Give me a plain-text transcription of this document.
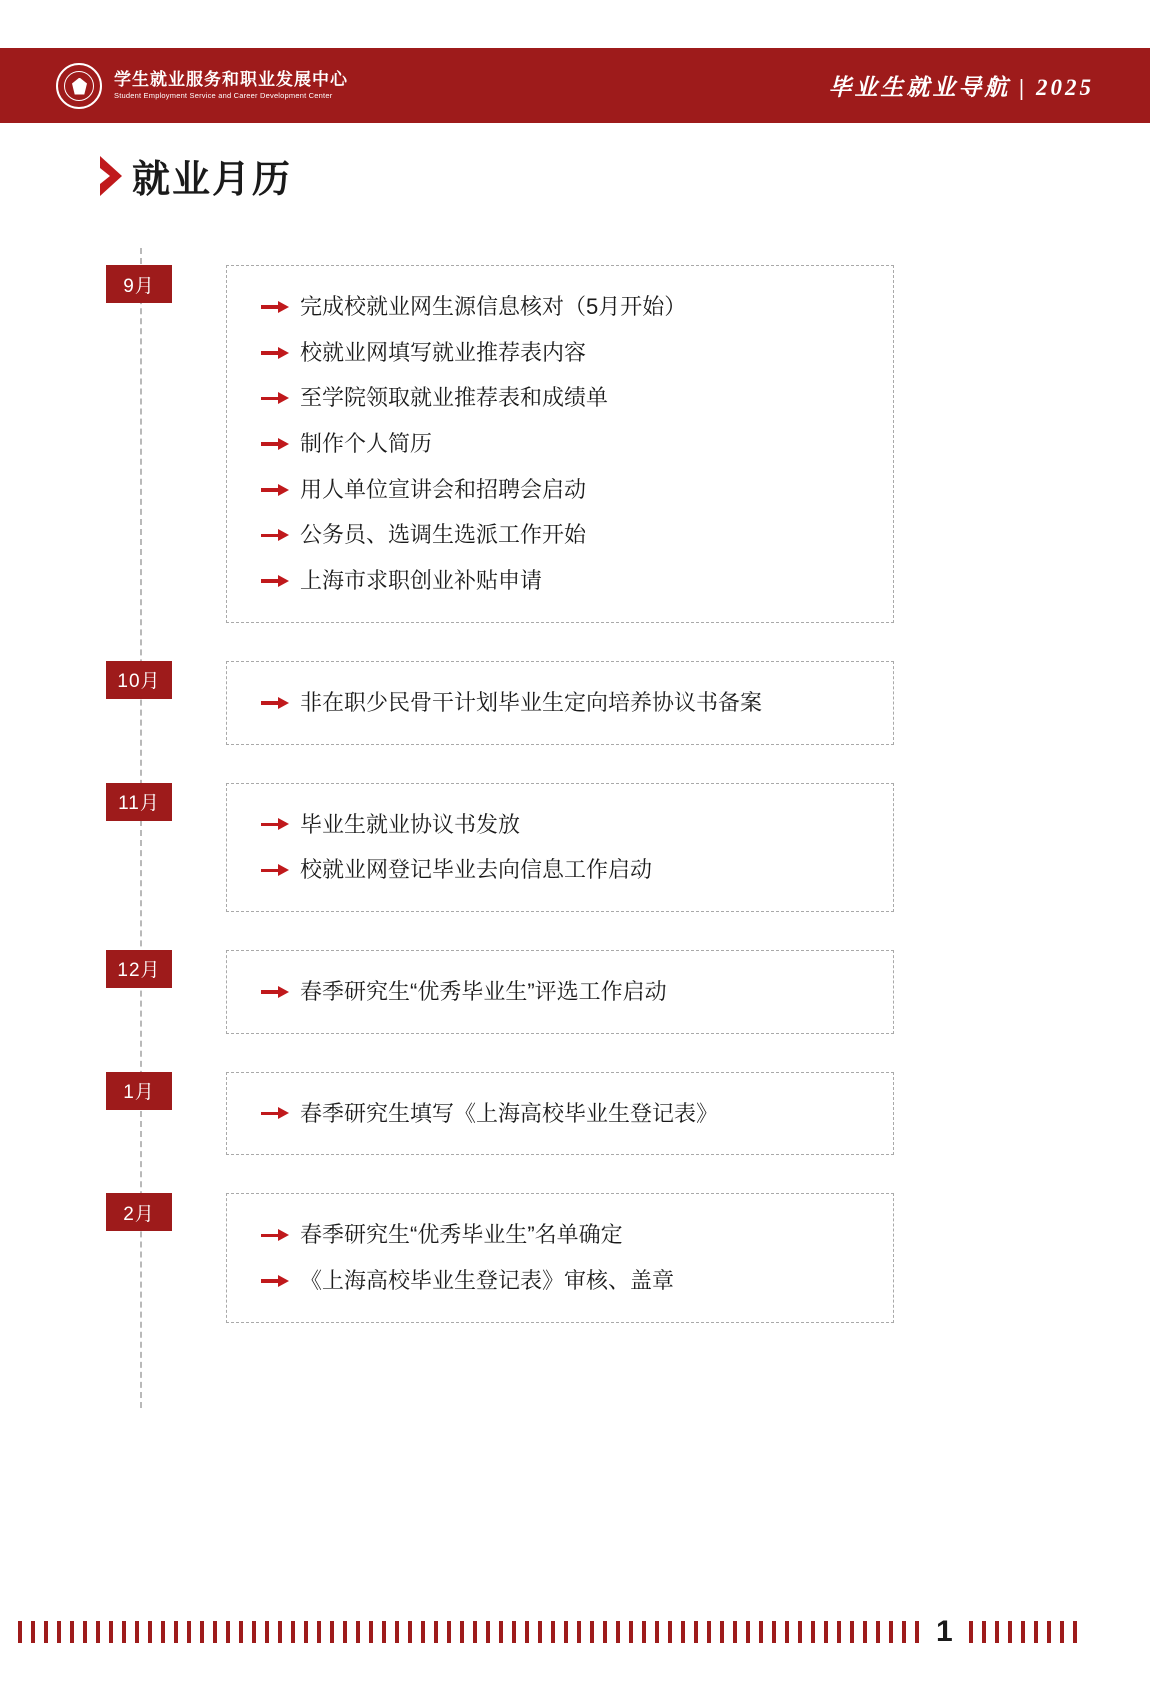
学生就业服务和职业发展中心
Student Employment Service and Career Development Center	毕业生就业导航 | 2025
就业月历
9月
完成校就业网生源信息核对（5月开始）
校就业网填写就业推荐表内容
至学院领取就业推荐表和成绩单
制作个人简历
用人单位宣讲会和招聘会启动
公务员、选调生选派工作开始
上海市求职创业补贴申请
10月
非在职少民骨干计划毕业生定向培养协议书备案
11月
毕业生就业协议书发放
校就业网登记毕业去向信息工作启动
12月
春季研究生“优秀毕业生”评选工作启动
1月
春季研究生填写《上海高校毕业生登记表》
2月
春季研究生“优秀毕业生”名单确定
《上海高校毕业生登记表》审核、盖章
1
